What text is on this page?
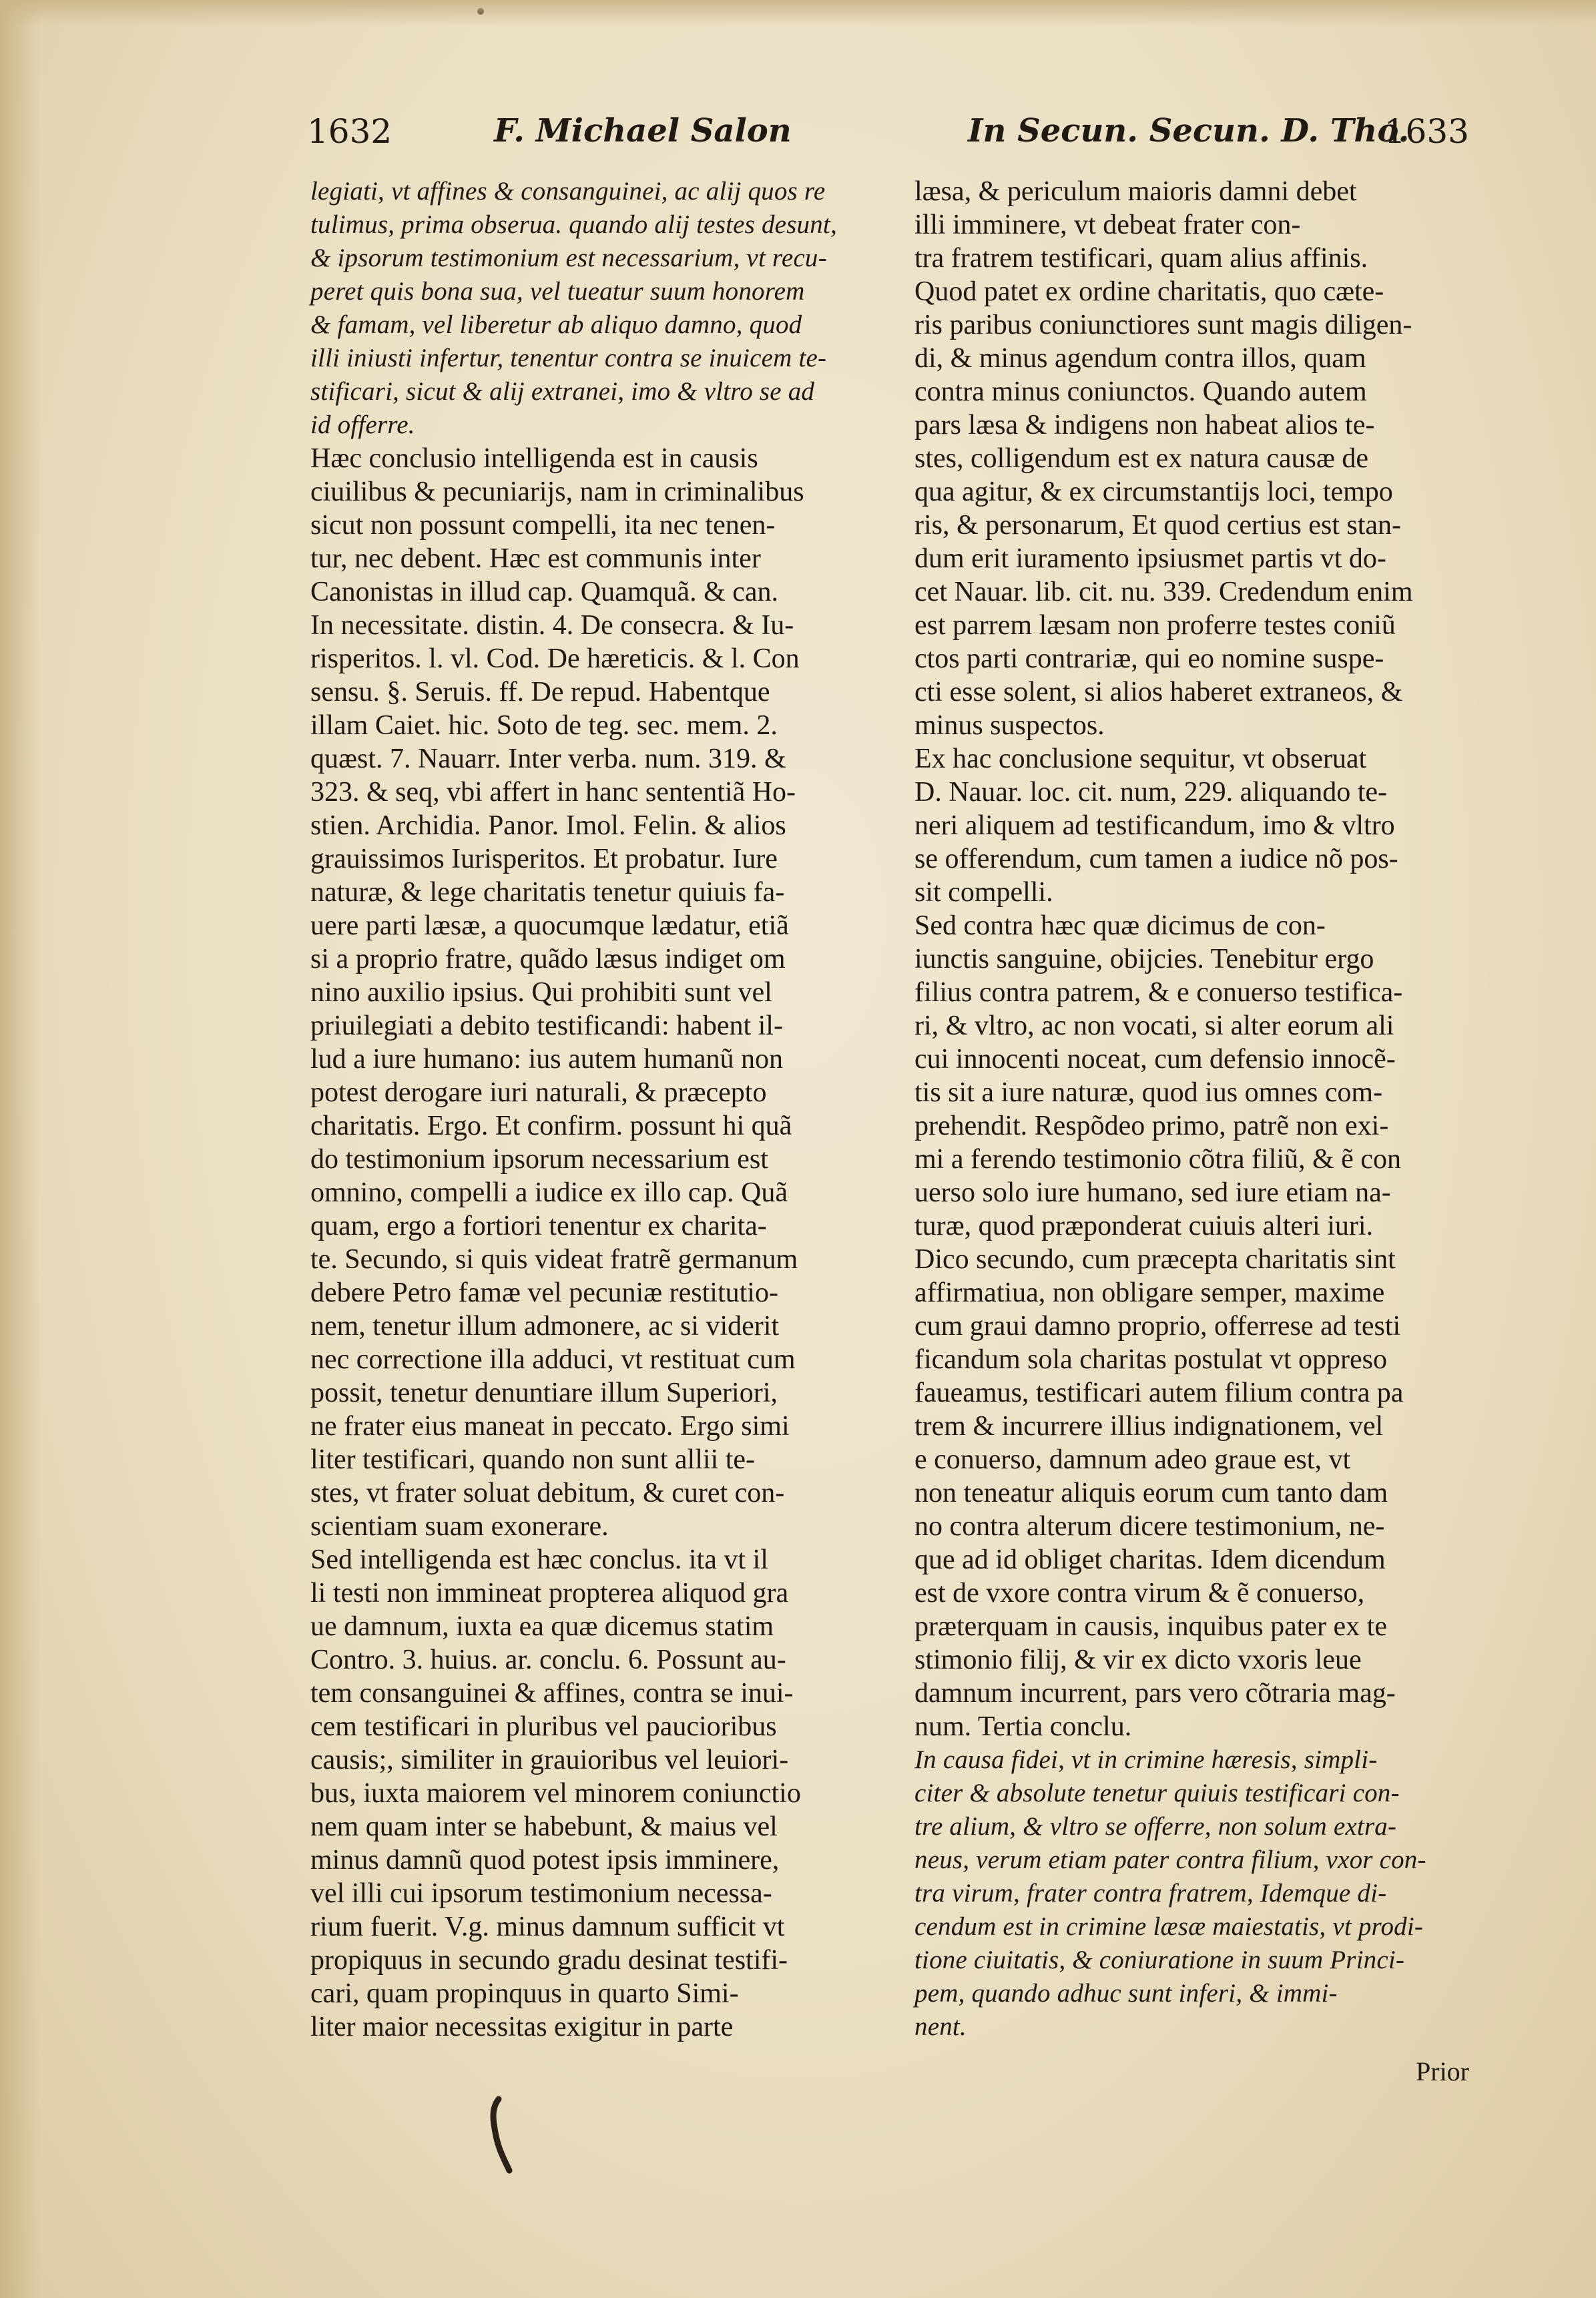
1632	F. Michael Salon	In Secun. Secun. D. Tho.
1633
legiati, vt affines & consanguinei, ac alij quos re
tulimus, prima obserua. quando alij testes desunt,
& ipsorum testimonium est necessarium, vt recu-
peret quis bona sua, vel tueatur suum honorem
& famam, vel liberetur ab aliquo damno, quod
illi iniusti infertur, tenentur contra se inuicem te-
stificari, sicut & alij extranei, imo & vltro se ad
id offerre.
Hæc conclusio intelligenda est in causis
ciuilibus & pecuniarijs, nam in criminalibus
sicut non possunt compelli, ita nec tenen-
tur, nec debent. Hæc est communis inter
Canonistas in illud cap. Quamquã. & can.
In necessitate. distin. 4. De consecra. & Iu-
risperitos. l. vl. Cod. De hæreticis. & l. Con
sensu. §. Seruis. ff. De repud. Habentque
illam Caiet. hic. Soto de teg. sec. mem. 2.
quæst. 7. Nauarr. Inter verba. num. 319. &
323. & seq, vbi affert in hanc sententiã Ho-
stien. Archidia. Panor. Imol. Felin. & alios
grauissimos Iurisperitos. Et probatur. Iure
naturæ, & lege charitatis tenetur quiuis fa-
uere parti læsæ, a quocumque lædatur, etiã
si a proprio fratre, quãdo læsus indiget om
nino auxilio ipsius. Qui prohibiti sunt vel
priuilegiati a debito testificandi: habent il-
lud a iure humano: ius autem humanũ non
potest derogare iuri naturali, & præcepto
charitatis. Ergo. Et confirm. possunt hi quã
do testimonium ipsorum necessarium est
omnino, compelli a iudice ex illo cap. Quã
quam, ergo a fortiori tenentur ex charita-
te. Secundo, si quis videat fratrẽ germanum
debere Petro famæ vel pecuniæ restitutio-
nem, tenetur illum admonere, ac si viderit
nec correctione illa adduci, vt restituat cum
possit, tenetur denuntiare illum Superiori,
ne frater eius maneat in peccato. Ergo simi
liter testificari, quando non sunt allii te-
stes, vt frater soluat debitum, & curet con-
scientiam suam exonerare.
Sed intelligenda est hæc conclus. ita vt il
li testi non immineat propterea aliquod gra
ue damnum, iuxta ea quæ dicemus statim
Contro. 3. huius. ar. conclu. 6. Possunt au-
tem consanguinei & affines, contra se inui-
cem testificari in pluribus vel paucioribus
causis;, similiter in grauioribus vel leuiori-
bus, iuxta maiorem vel minorem coniunctio
nem quam inter se habebunt, & maius vel
minus damnũ quod potest ipsis imminere,
vel illi cui ipsorum testimonium necessa-
rium fuerit. V.g. minus damnum sufficit vt
propiquus in secundo gradu desinat testifi-
cari, quam propinquus in quarto Simi-
liter maior necessitas exigitur in parte
læsa, & periculum maioris damni debet
illi imminere, vt debeat frater con-
tra fratrem testificari, quam alius affinis.
Quod patet ex ordine charitatis, quo cæte-
ris paribus coniunctiores sunt magis diligen-
di, & minus agendum contra illos, quam
contra minus coniunctos. Quando autem
pars læsa & indigens non habeat alios te-
stes, colligendum est ex natura causæ de
qua agitur, & ex circumstantijs loci, tempo
ris, & personarum, Et quod certius est stan-
dum erit iuramento ipsiusmet partis vt do-
cet Nauar. lib. cit. nu. 339. Credendum enim
est parrem læsam non proferre testes coniũ
ctos parti contrariæ, qui eo nomine suspe-
cti esse solent, si alios haberet extraneos, &
minus suspectos.
Ex hac conclusione sequitur, vt obseruat
D. Nauar. loc. cit. num, 229. aliquando te-
neri aliquem ad testificandum, imo & vltro
se offerendum, cum tamen a iudice nõ pos-
sit compelli.
Sed contra hæc quæ dicimus de con-
iunctis sanguine, obijcies. Tenebitur ergo
filius contra patrem, & e conuerso testifica-
ri, & vltro, ac non vocati, si alter eorum ali
cui innocenti noceat, cum defensio innocẽ-
tis sit a iure naturæ, quod ius omnes com-
prehendit. Respõdeo primo, patrẽ non exi-
mi a ferendo testimonio cõtra filiũ, & ẽ con
uerso solo iure humano, sed iure etiam na-
turæ, quod præponderat cuiuis alteri iuri.
Dico secundo, cum præcepta charitatis sint
affirmatiua, non obligare semper, maxime
cum graui damno proprio, offerrese ad testi
ficandum sola charitas postulat vt oppreso
faueamus, testificari autem filium contra pa
trem & incurrere illius indignationem, vel
e conuerso, damnum adeo graue est, vt
non teneatur aliquis eorum cum tanto dam
no contra alterum dicere testimonium, ne-
que ad id obliget charitas. Idem dicendum
est de vxore contra virum & ẽ conuerso,
præterquam in causis, inquibus pater ex te
stimonio filij, & vir ex dicto vxoris leue
damnum incurrent, pars vero cõtraria mag-
num. Tertia conclu.
In causa fidei, vt in crimine hæresis, simpli-
citer & absolute tenetur quiuis testificari con-
tre alium, & vltro se offerre, non solum extra-
neus, verum etiam pater contra filium, vxor con-
tra virum, frater contra fratrem, Idemque di-
cendum est in crimine læsæ maiestatis, vt prodi-
tione ciuitatis, & coniuratione in suum Princi-
pem, quando adhuc sunt inferi, & immi-
nent.
Prior
